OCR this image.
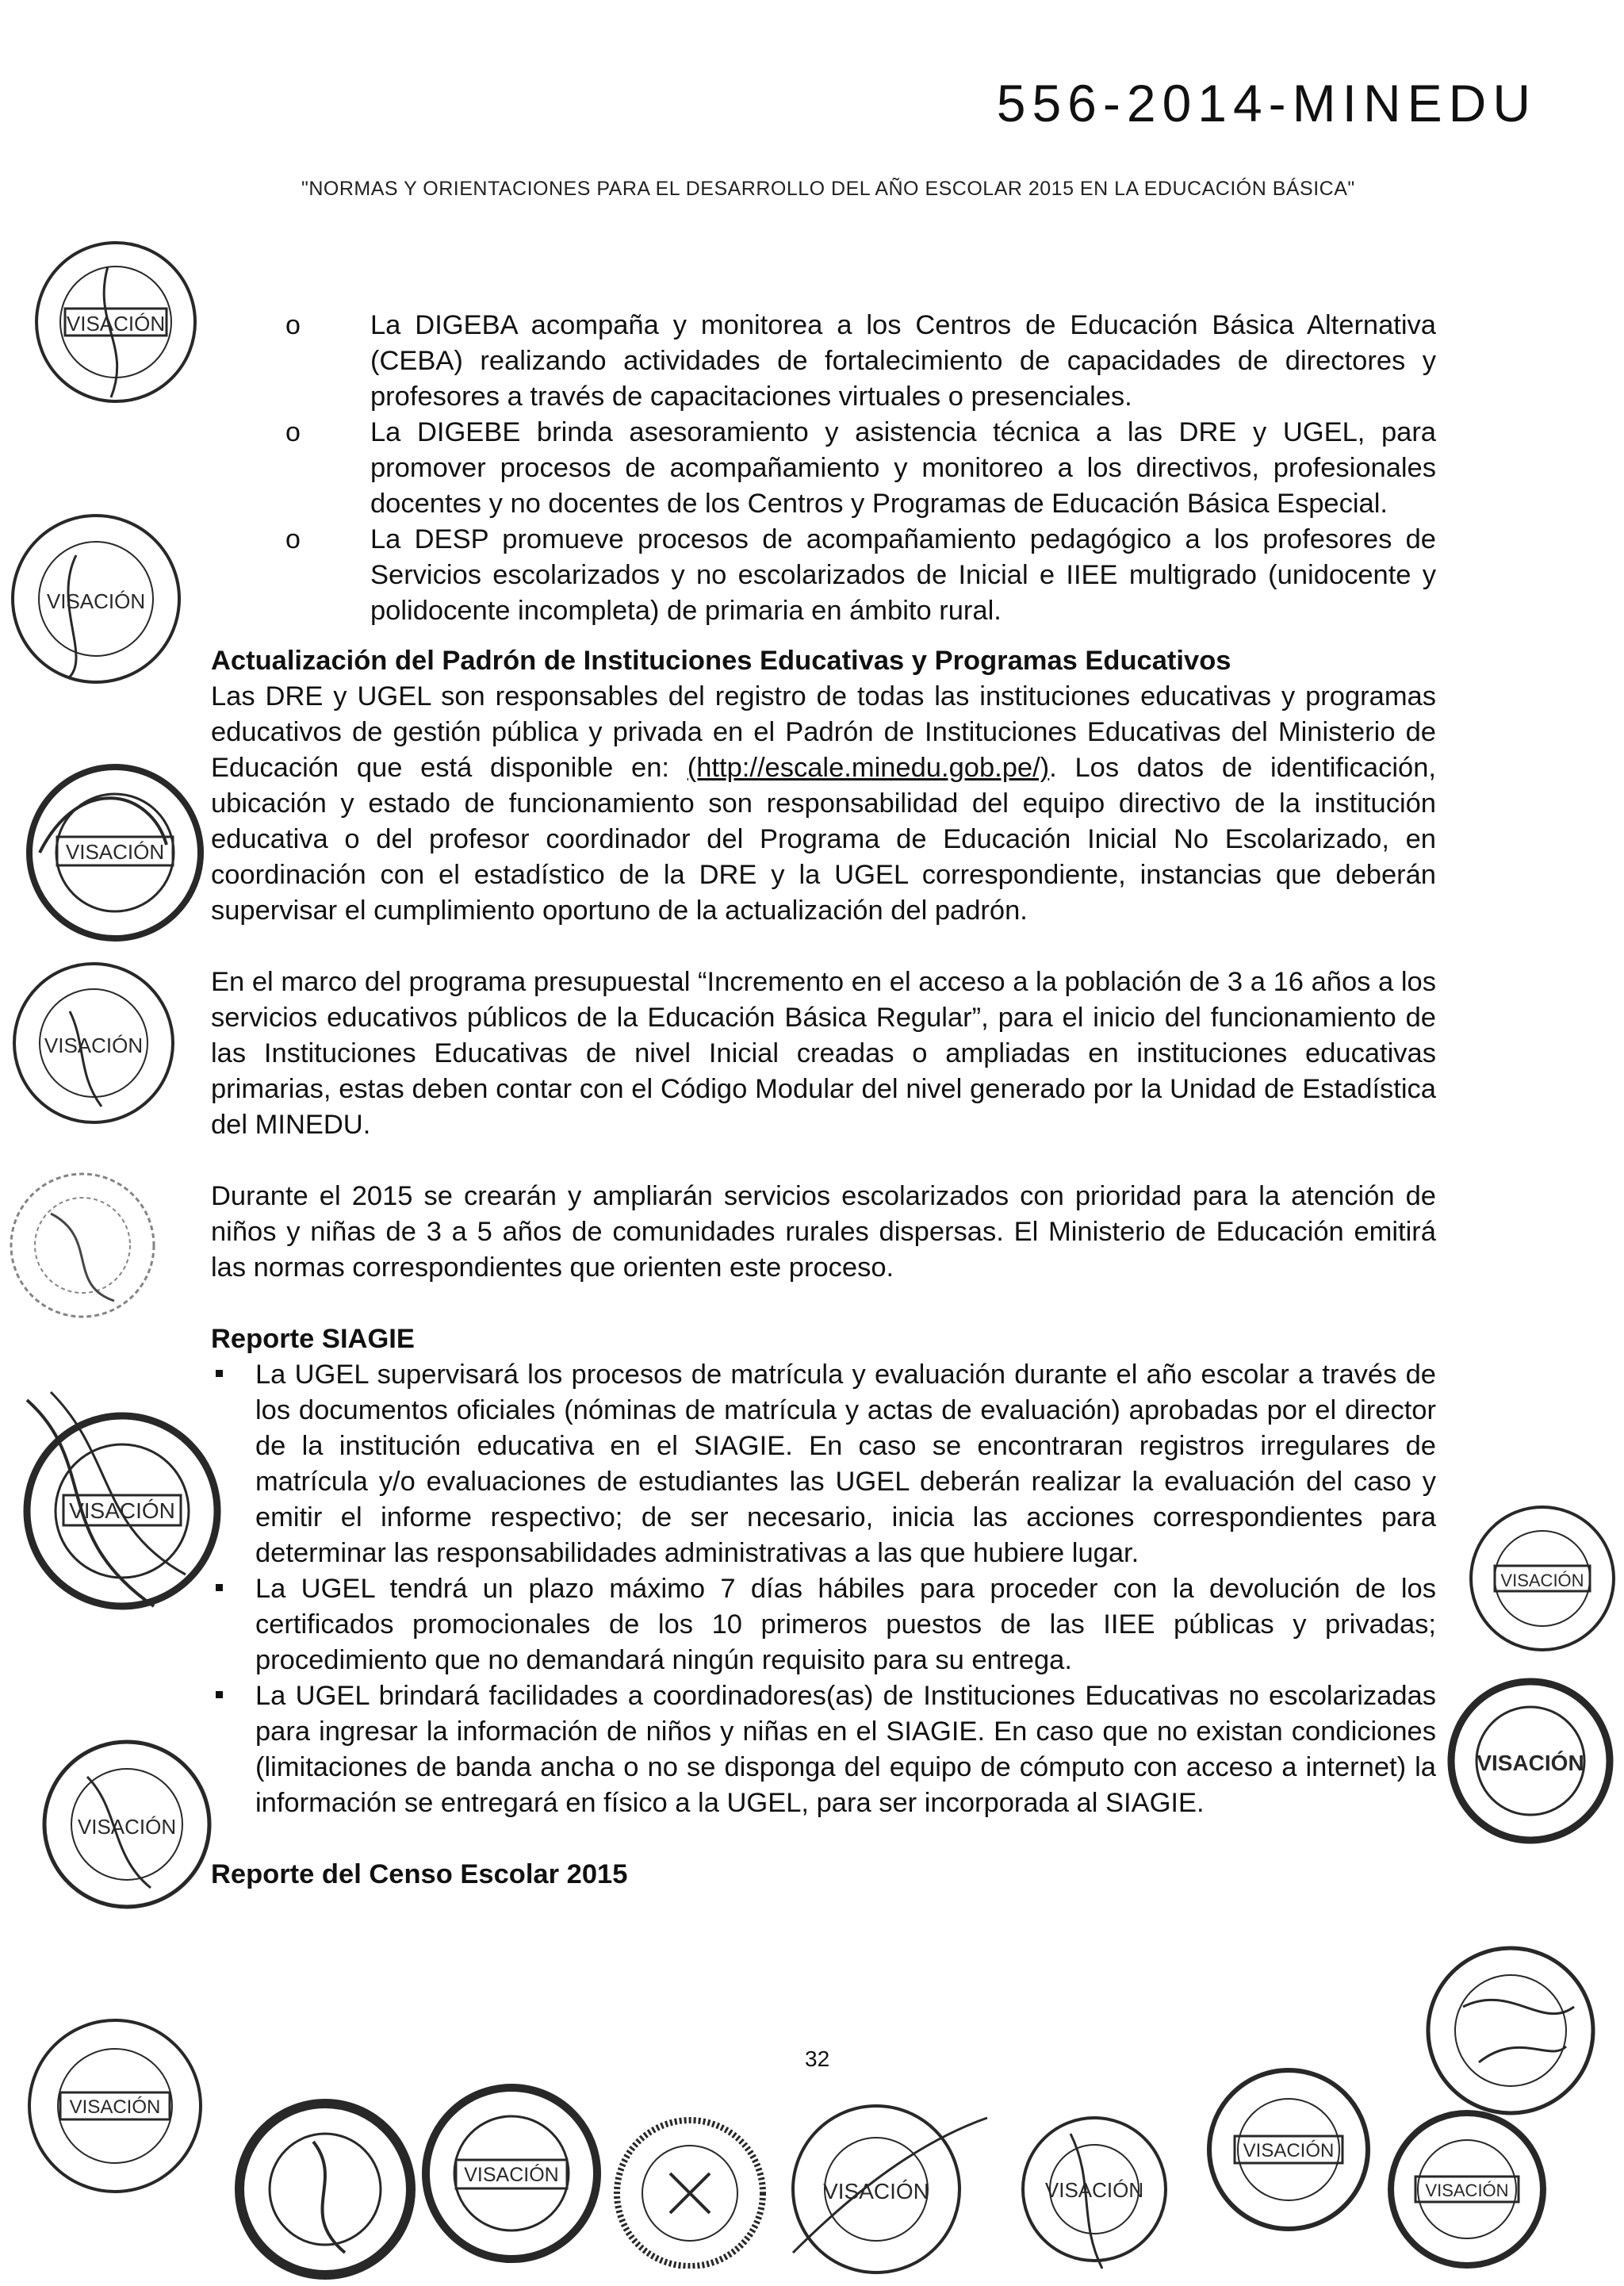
556-2014-MINEDU
"NORMAS Y ORIENTACIONES PARA EL DESARROLLO DEL AÑO ESCOLAR 2015 EN LA EDUCACIÓN BÁSICA"
o La DIGEBA acompaña y monitorea a los Centros de Educación Básica Alternativa (CEBA) realizando actividades de fortalecimiento de capacidades de directores y profesores a través de capacitaciones virtuales o presenciales.
o La DIGEBE brinda asesoramiento y asistencia técnica a las DRE y UGEL, para promover procesos de acompañamiento y monitoreo a los directivos, profesionales docentes y no docentes de los Centros y Programas de Educación Básica Especial.
o La DESP promueve procesos de acompañamiento pedagógico a los profesores de Servicios escolarizados y no escolarizados de Inicial e IIEE multigrado (unidocente y polidocente incompleta) de primaria en ámbito rural.
Actualización del Padrón de Instituciones Educativas y Programas Educativos

Las DRE y UGEL son responsables del registro de todas las instituciones educativas y programas educativos de gestión pública y privada en el Padrón de Instituciones Educativas del Ministerio de Educación que está disponible en: (http://escale.minedu.gob.pe/). Los datos de identificación, ubicación y estado de funcionamiento son responsabilidad del equipo directivo de la institución educativa o del profesor coordinador del Programa de Educación Inicial No Escolarizado, en coordinación con el estadístico de la DRE y la UGEL correspondiente, instancias que deberán supervisar el cumplimiento oportuno de la actualización del padrón.

En el marco del programa presupuestal “Incremento en el acceso a la población de 3 a 16 años a los servicios educativos públicos de la Educación Básica Regular”, para el inicio del funcionamiento de las Instituciones Educativas de nivel Inicial creadas o ampliadas en instituciones educativas primarias, estas deben contar con el Código Modular del nivel generado por la Unidad de Estadística del MINEDU.

Durante el 2015 se crearán y ampliarán servicios escolarizados con prioridad para la atención de niños y niñas de 3 a 5 años de comunidades rurales dispersas. El Ministerio de Educación emitirá las normas correspondientes que orienten este proceso.

Reporte SIAGIE
La UGEL supervisará los procesos de matrícula y evaluación durante el año escolar a través de los documentos oficiales (nóminas de matrícula y actas de evaluación) aprobadas por el director de la institución educativa en el SIAGIE. En caso se encontraran registros irregulares de matrícula y/o evaluaciones de estudiantes las UGEL deberán realizar la evaluación del caso y emitir el informe respectivo; de ser necesario, inicia las acciones correspondientes para determinar las responsabilidades administrativas a las que hubiere lugar.
La UGEL tendrá un plazo máximo 7 días hábiles para proceder con la devolución de los certificados promocionales de los 10 primeros puestos de las IIEE públicas y privadas; procedimiento que no demandará ningún requisito para su entrega.
La UGEL brindará facilidades a coordinadores(as) de Instituciones Educativas no escolarizadas para ingresar la información de niños y niñas en el SIAGIE. En caso que no existan condiciones (limitaciones de banda ancha o no se disponga del equipo de cómputo con acceso a internet) la información se entregará en físico a la UGEL, para ser incorporada al SIAGIE.
Reporte del Censo Escolar 2015
32
VISACIÓN
VISACIÓN
VISACIÓN
VISACIÓN
VISACIÓN
VISACIÓN
VISACIÓN
VISACIÓN
VISACIÓN
VISACIÓN
VISACIÓN	VISACIÓN
VISACIÓN
VISACIÓN
